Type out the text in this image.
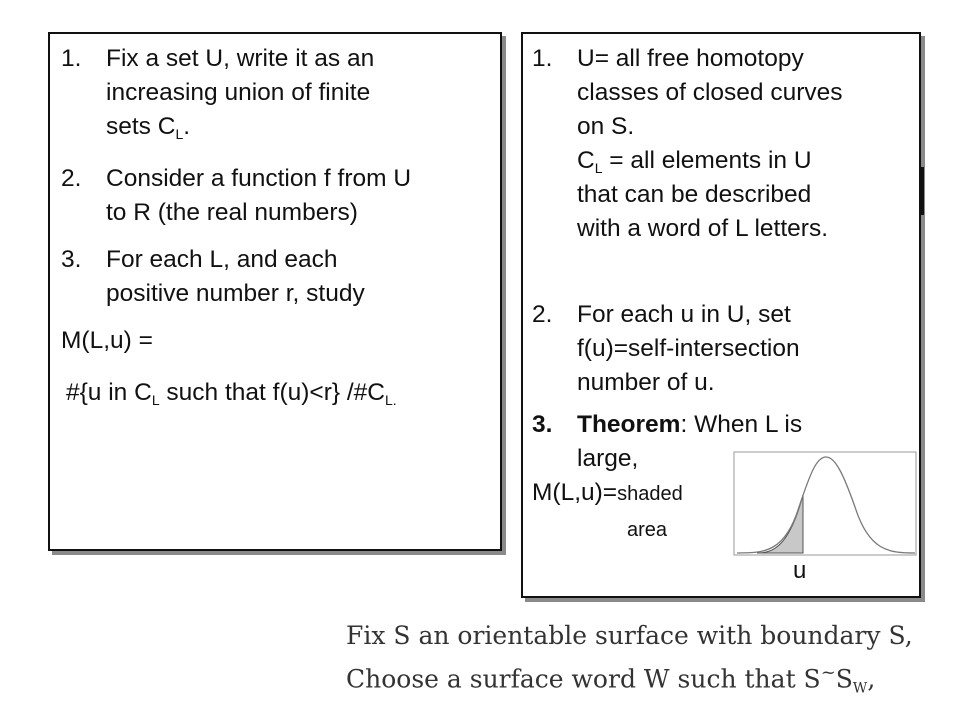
1. Fix a set U, write it as an
increasing union of finite
sets $C_L$.
2. Consider a function f from U
to R (the real numbers)
3. For each L, and each
positive number r, study
M(L,u) =
#{u in $C_L$ such that f(u)<r} $/\#C_{L.}$
1. U= all free homotopy
classes of closed curves
on S.
$C_L$ = all elements in U
that can be described
with a word of L letters.
2. For each u in U, set
f(u)=self-intersection
number of u.
3. Theorem: When L is
large,
M(L,u)=shaded
area
u
Fix S an orientable surface with boundary S,
Choose a surface word W such that $S^\sim S_W$,
